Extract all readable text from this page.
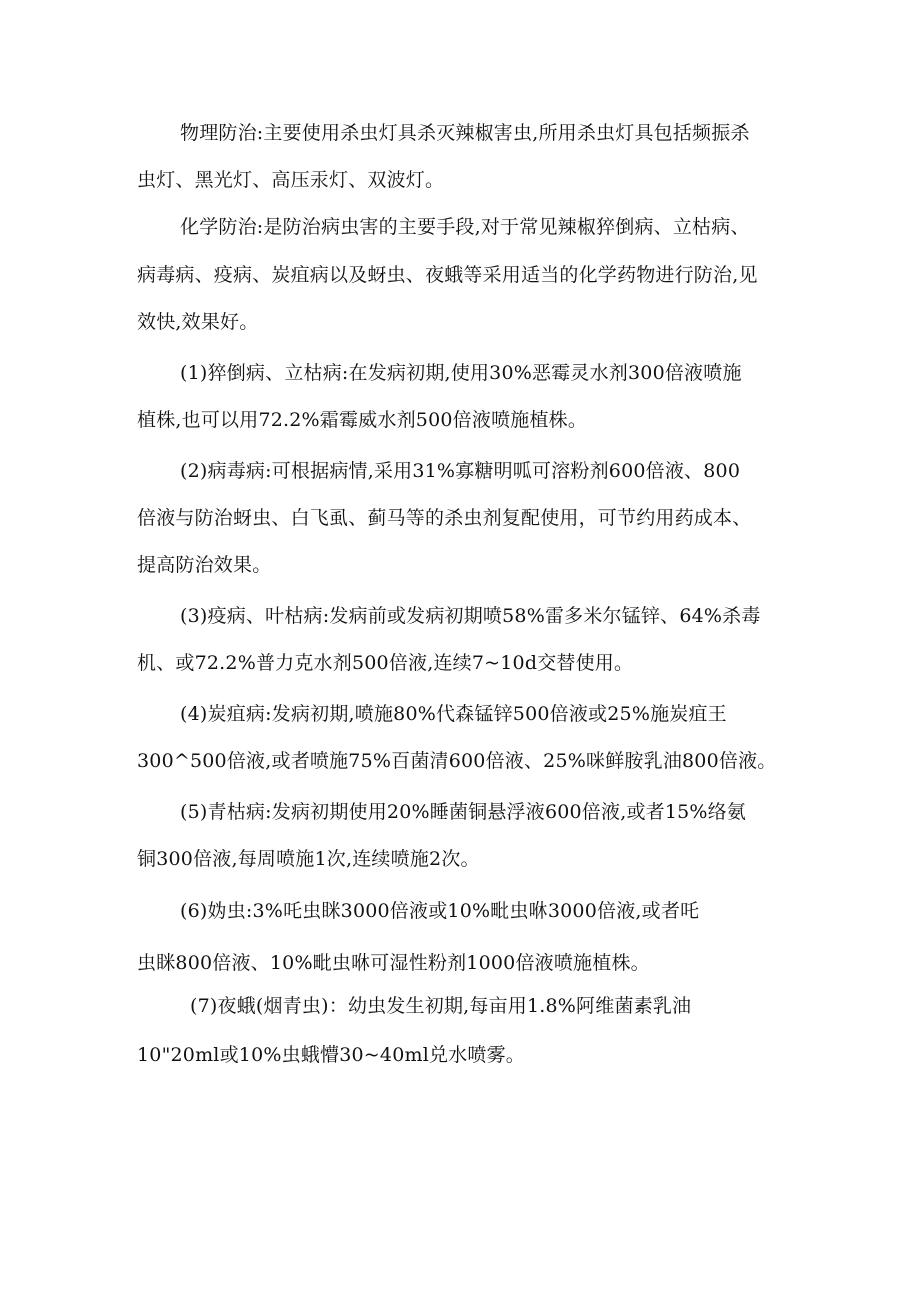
物理防治:主要使用杀虫灯具杀灭辣椒害虫,所用杀虫灯具包括频振杀
虫灯、黑光灯、高压汞灯、双波灯。
化学防治:是防治病虫害的主要手段,对于常见辣椒猝倒病、立枯病、
病毒病、疫病、炭疽病以及蚜虫、夜蛾等采用适当的化学药物进行防治,见
效快,效果好。
(1)猝倒病、立枯病:在发病初期,使用30%恶霉灵水剂300倍液喷施
植株,也可以用72.2%霜霉威水剂500倍液喷施植株。
(2)病毒病:可根据病情,采用31%寡糖明呱可溶粉剂600倍液、800
倍液与防治蚜虫、白飞虱、蓟马等的杀虫剂复配使用，可节约用药成本、
提高防治效果。
(3)疫病、叶枯病:发病前或发病初期喷58%雷多米尔锰锌、64%杀毒
机、或72.2%普力克水剂500倍液,连续7~10d交替使用。
(4)炭疽病:发病初期,喷施80%代森锰锌500倍液或25%施炭疽王
300^500倍液,或者喷施75%百菌清600倍液、25%咪鲜胺乳油800倍液。
(5)青枯病:发病初期使用20%睡菌铜悬浮液600倍液,或者15%络氨
铜300倍液,每周喷施1次,连续喷施2次。
(6)妫虫:3%吒虫眯3000倍液或10%毗虫咻3000倍液,或者吒
虫眯800倍液、10%毗虫咻可湿性粉剂1000倍液喷施植株。
(7)夜蛾(烟青虫)：幼虫发生初期,每亩用1.8%阿维菌素乳油
10"20ml或10%虫蛾懵30~40ml兑水喷雾。
